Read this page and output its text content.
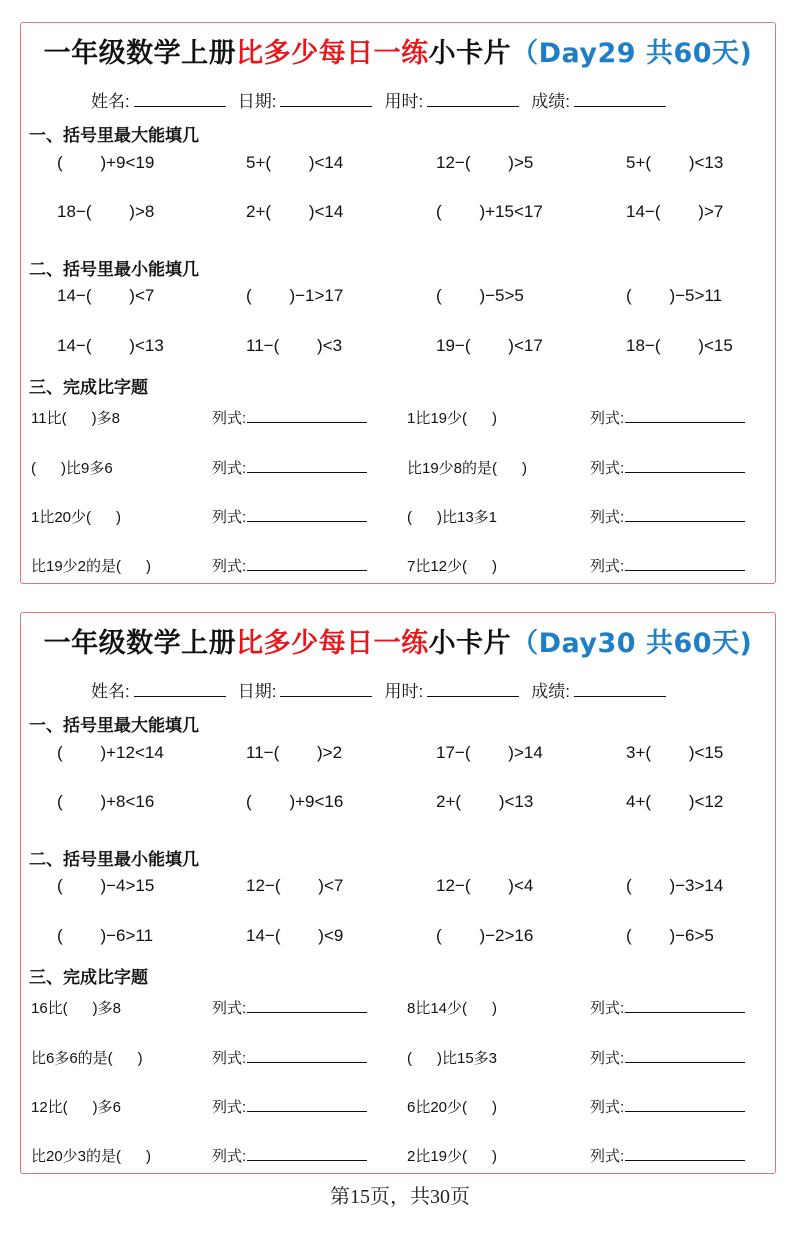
一年级数学上册比多少每日一练小卡片（Day29 共60天)
姓名:	日期:	用时:	成绩:
一、括号里最大能填几
(        )+9<19	5+(        )<14	12−(        )>5	5+(        )<13
18−(        )>8	2+(        )<14	(        )+15<17	14−(        )>7
二、括号里最小能填几
14−(        )<7	(        )−1>17	(        )−5>5	(        )−5>11
14−(        )<13	11−(        )<3	19−(        )<17	18−(        )<15
三、完成比字题
11比(      )多8	列式:	1比19少(      )	列式:
(      )比9多6	列式:	比19少8的是(      )	列式:
1比20少(      )	列式:	(      )比13多1	列式:
比19少2的是(      )	列式:	7比12少(      )	列式:
一年级数学上册比多少每日一练小卡片（Day30 共60天)
姓名:	日期:	用时:	成绩:
一、括号里最大能填几
(        )+12<14	11−(        )>2	17−(        )>14	3+(        )<15
(        )+8<16	(        )+9<16	2+(        )<13	4+(        )<12
二、括号里最小能填几
(        )−4>15	12−(        )<7	12−(        )<4	(        )−3>14
(        )−6>11	14−(        )<9	(        )−2>16	(        )−6>5
三、完成比字题
16比(      )多8	列式:	8比14少(      )	列式:
比6多6的是(      )	列式:	(      )比15多3	列式:
12比(      )多6	列式:	6比20少(      )	列式:
比20少3的是(      )	列式:	2比19少(      )	列式:
第15页，共30页
